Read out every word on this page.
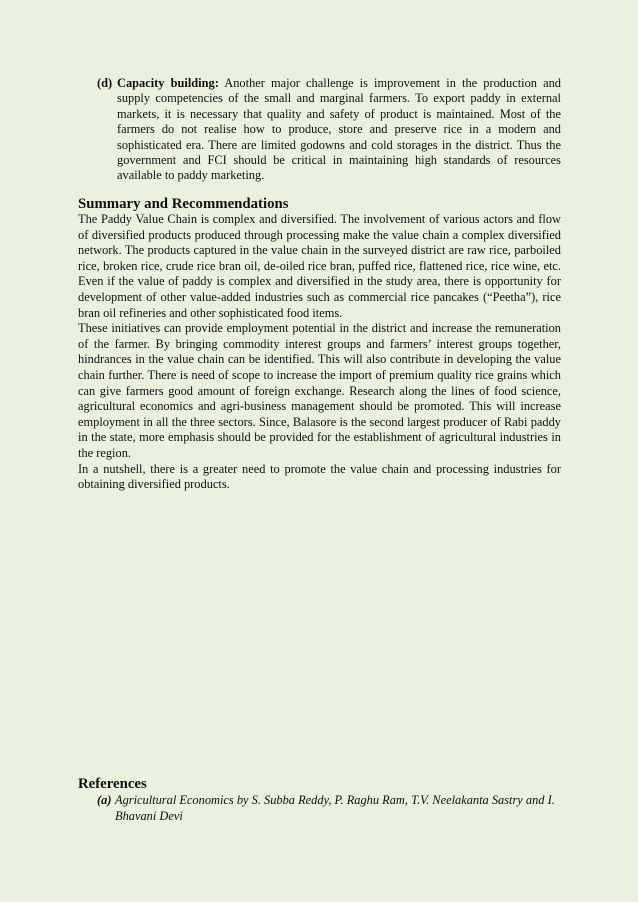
(d) Capacity building: Another major challenge is improvement in the production and supply competencies of the small and marginal farmers. To export paddy in external markets, it is necessary that quality and safety of product is maintained. Most of the farmers do not realise how to produce, store and preserve rice in a modern and sophisticated era. There are limited godowns and cold storages in the district. Thus the government and FCI should be critical in maintaining high standards of resources available to paddy marketing.
Summary and Recommendations

The Paddy Value Chain is complex and diversified. The involvement of various actors and flow of diversified products produced through processing make the value chain a complex diversified network. The products captured in the value chain in the surveyed district are raw rice, parboiled rice, broken rice, crude rice bran oil, de-oiled rice bran, puffed rice, flattened rice, rice wine, etc. Even if the value of paddy is complex and diversified in the study area, there is opportunity for development of other value-added industries such as commercial rice pancakes (“Peetha”), rice bran oil refineries and other sophisticated food items.

These initiatives can provide employment potential in the district and increase the remuneration of the farmer. By bringing commodity interest groups and farmers’ interest groups together, hindrances in the value chain can be identified. This will also contribute in developing the value chain further. There is need of scope to increase the import of premium quality rice grains which can give farmers good amount of foreign exchange. Research along the lines of food science, agricultural economics and agri-business management should be promoted. This will increase employment in all the three sectors. Since, Balasore is the second largest producer of Rabi paddy in the state, more emphasis should be provided for the establishment of agricultural industries in the region.

In a nutshell, there is a greater need to promote the value chain and processing industries for obtaining diversified products.

References
(a) Agricultural Economics by S. Subba Reddy, P. Raghu Ram, T.V. Neelakanta Sastry and I. Bhavani Devi
